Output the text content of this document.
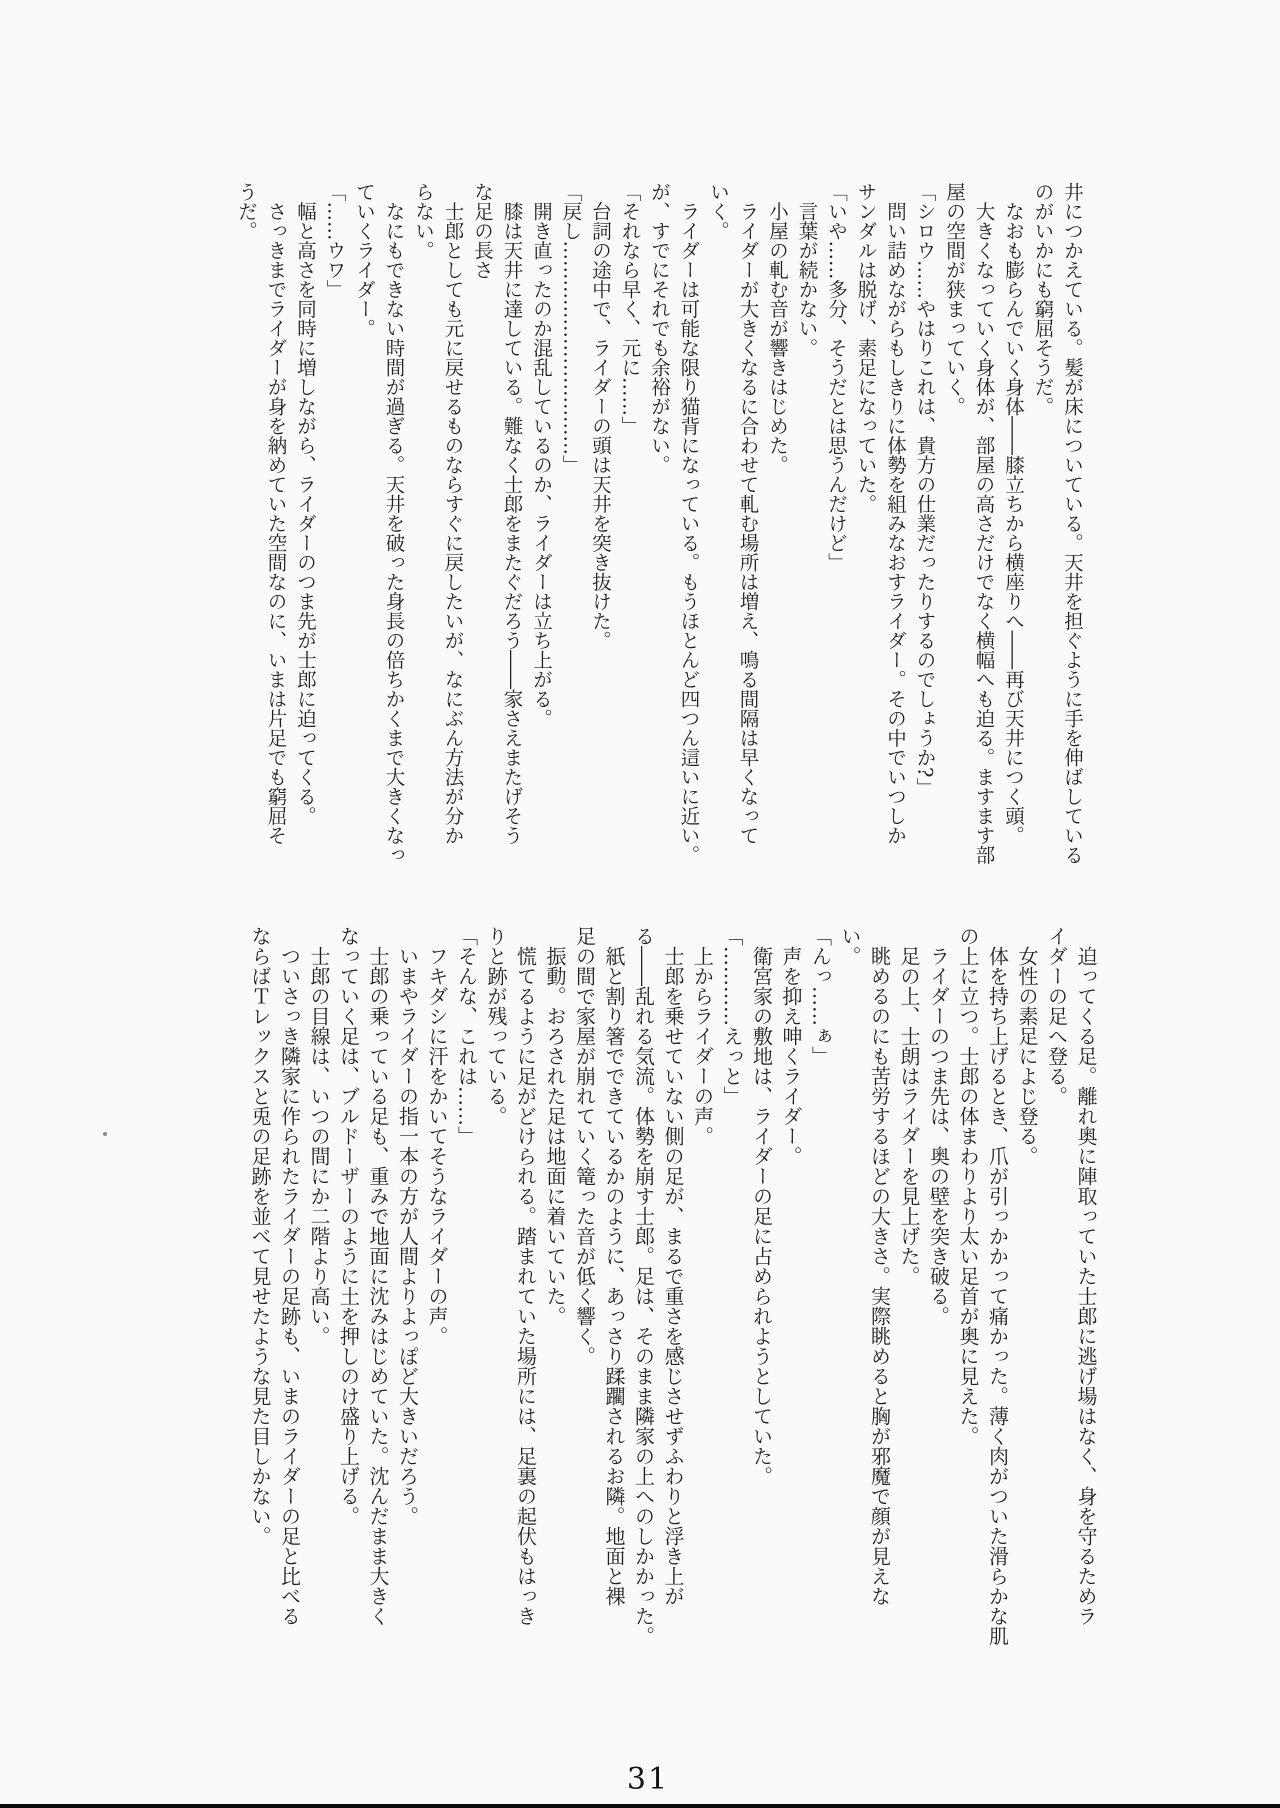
井につかえている。髪が床についている。天井を担ぐように手を伸ばしている
のがいかにも窮屈そうだ。
　なおも膨らんでいく身体――膝立ちから横座りへ――再び天井につく頭。
　大きくなっていく身体が、部屋の高さだけでなく横幅へも迫る。ますます部
屋の空間が狭まっていく。
「シロウ……やはりこれは、貴方の仕業だったりするのでしょうか?」
　問い詰めながらもしきりに体勢を組みなおすライダー。その中でいつしか
サンダルは脱げ、素足になっていた。
「いや……多分、そうだとは思うんだけど」
　言葉が続かない。
　小屋の軋む音が響きはじめた。
　ライダーが大きくなるに合わせて軋む場所は増え、鳴る間隔は早くなって
いく。
　ライダーは可能な限り猫背になっている。もうほとんど四つん這いに近い。
が、すでにそれでも余裕がない。
「それなら早く、元に……」
　台詞の途中で、ライダーの頭は天井を突き抜けた。
「戻し……………………………」
　開き直ったのか混乱しているのか、ライダーは立ち上がる。
　膝は天井に達している。難なく士郎をまたぐだろう――家さえまたげそう
な足の長さ
　士郎としても元に戻せるものならすぐに戻したいが、なにぶん方法が分か
らない。
　なにもできない時間が過ぎる。天井を破った身長の倍ちかくまで大きくなっ
ていくライダー。
「……ウワ」
　幅と高さを同時に増しながら、ライダーのつま先が士郎に迫ってくる。
　さっきまでライダーが身を納めていた空間なのに、いまは片足でも窮屈そ
うだ。
　迫ってくる足。離れ奥に陣取っていた士郎に逃げ場はなく、身を守るためラ
イダーの足へ登る。
　女性の素足によじ登る。
　体を持ち上げるとき、爪が引っかかって痛かった。薄く肉がついた滑らかな肌
の上に立つ。士郎の体まわりより太い足首が奥に見えた。
　ライダーのつま先は、奥の壁を突き破る。
　足の上、士朗はライダーを見上げた。
　眺めるのにも苦労するほどの大きさ。実際眺めると胸が邪魔で顔が見えな
い。
「んっ……ぁ」
　声を抑え呻くライダー。
　衛宮家の敷地は、ライダーの足に占められようとしていた。
「…………えっと」
　上からライダーの声。
　士郎を乗せていない側の足が、まるで重さを感じさせずふわりと浮き上が
る――乱れる気流。体勢を崩す士郎。足は、そのまま隣家の上へのしかかった。
　紙と割り箸でできているかのように、あっさり蹂躙されるお隣。地面と裸
足の間で家屋が崩れていく篭った音が低く響く。
　振動。おろされた足は地面に着いていた。
　慌てるように足がどけられる。踏まれていた場所には、足裏の起伏もはっき
りと跡が残っている。
「そんな、これは……」
　フキダシに汗をかいてそうなライダーの声。
　いまやライダーの指一本の方が人間よりよっぽど大きいだろう。
　士郎の乗っている足も、重みで地面に沈みはじめていた。沈んだまま大きく
なっていく足は、ブルドーザーのように土を押しのけ盛り上げる。
　士郎の目線は、いつの間にか二階より高い。
　ついさっき隣家に作られたライダーの足跡も、いまのライダーの足と比べる
ならばＴレックスと兎の足跡を並べて見せたような見た目しかない。
31
